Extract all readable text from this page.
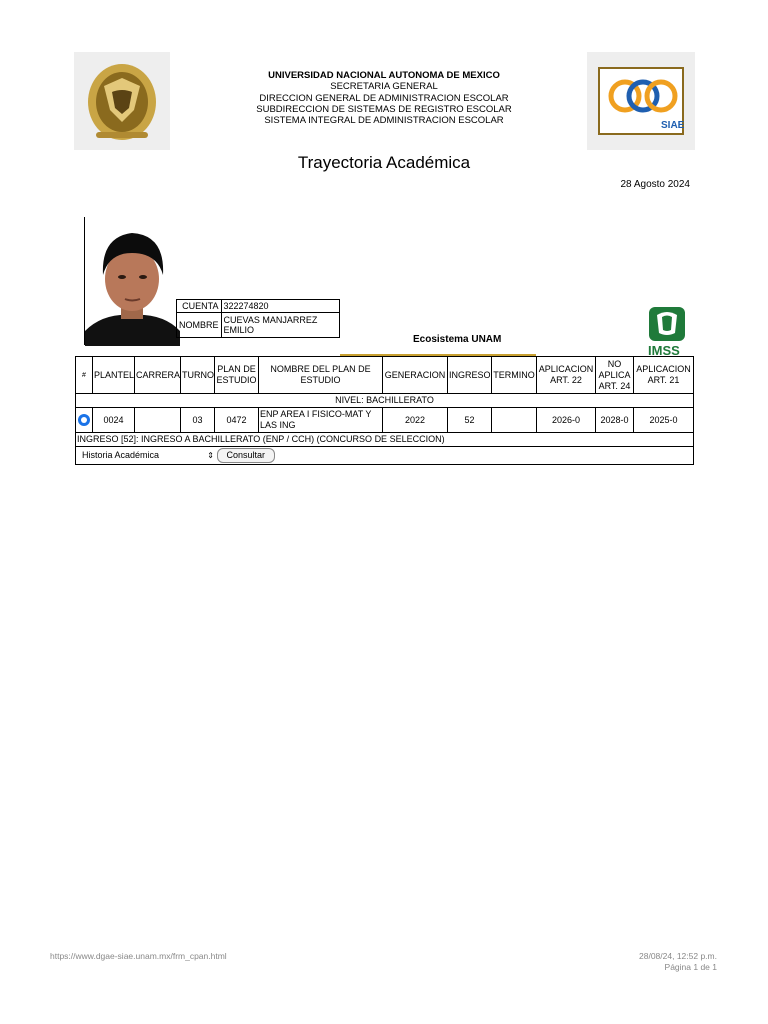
UNIVERSIDAD NACIONAL AUTONOMA DE MEXICO
SECRETARIA GENERAL
DIRECCION GENERAL DE ADMINISTRACION ESCOLAR
SUBDIRECCION DE SISTEMAS DE REGISTRO ESCOLAR
SISTEMA INTEGRAL DE ADMINISTRACION ESCOLAR	SIAE
Trayectoria Académica
28 Agosto 2024
CUENTA	322274820
NOMBRE	CUEVAS MANJARREZ EMILIO
Ecosistema UNAM
IMSS
#	PLANTEL	CARRERA	TURNO	PLAN DE ESTUDIO	NOMBRE DEL PLAN DE ESTUDIO	GENERACION	INGRESO	TERMINO	APLICACION ART. 22	NO APLICA ART. 24	APLICACION ART. 21
NIVEL: BACHILLERATO											
	0024		03	0472	ENP AREA I FISICO-MAT Y LAS ING	2022	52		2026-0	2028-0	2025-0
INGRESO [52]: INGRESO A BACHILLERATO (ENP / CCH) (CONCURSO DE SELECCION)											
Historia Académica ⇕ Consultar											
https://www.dgae-siae.unam.mx/frm_cpan.html	28/08/24, 12:52 p.m.
Página 1 de 1
